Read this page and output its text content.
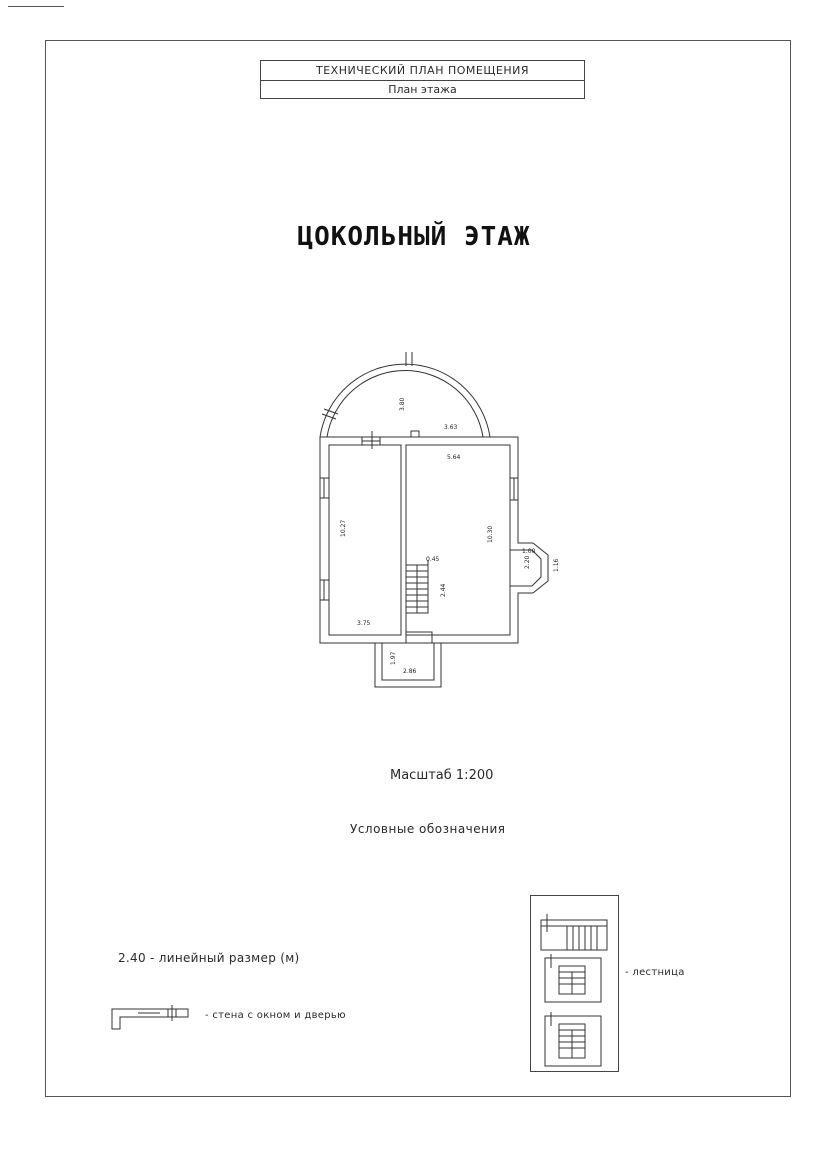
ТЕХНИЧЕСКИЙ ПЛАН ПОМЕЩЕНИЯ
План этажа
ЦОКОЛЬНЫЙ ЭТАЖ
3.80
3.63
5.64
10.27	10.30
1.00
2.20	1.16
0.45
2.44
3.75
1.97
2.86
Масштаб 1:200
Условные обозначения
2.40 - линейный размер (м)
- стена с окном и дверью
- лестница
